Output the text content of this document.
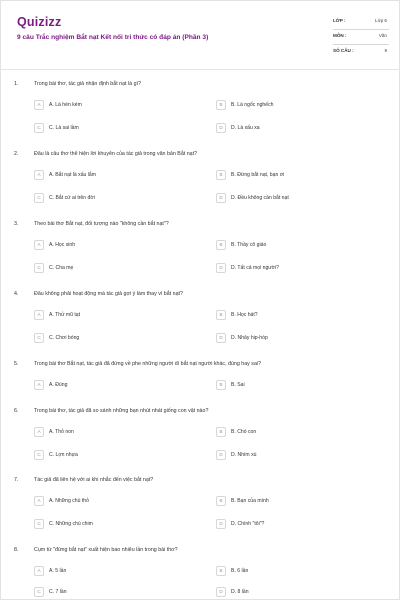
Quizizz
9 câu Trắc nghiệm Bắt nạt Kết nối tri thức có đáp án (Phần 3)
LỚP :	Lớp 6
MÔN :	Văn
SỐ CÂU :	9
1.	Trong bài thơ, tác giả nhận định bắt nạt là gì?
A	A. Là hèn kém	B	B. Là ngốc nghếch
C	C. Là sai lầm	D	D. Là xấu xa
2.	Đâu là câu thơ thể hiện lời khuyên của tác giả trong văn bản Bắt nạt?
A	A. Bắt nạt là xấu lắm	B	B. Đừng bắt nạt, bạn ơi
C	C. Bắt cứ ai trên đời	D	D. Đều không cần bắt nạt
3.	Theo bài thơ Bắt nạt, đối tượng nào "không cần bắt nạt"?
A	A. Học sinh	B	B. Thầy cô giáo
C	C. Cha mẹ	D	D. Tất cả mọi người?
4.	Đâu không phải hoạt động mà tác giả gợi ý làm thay vì bắt nạt?
A	A. Thử mũ tạt	B	B. Học hát?
C	C. Chơi bóng	D	D. Nhảy hip-hóp
5.	Trong bài thơ Bắt nạt, tác giả đã đứng về phe những người dì bắt nạt người khác, đúng hay sai?
A	A. Đúng	B	B. Sai
6.	Trong bài thơ, tác giả đã so sánh những bạn nhút nhát giống con vật nào?
A	A. Thỏ non	B	B. Chó con
C	C. Lợn nhựa	D	D. Nhím xù
7.	Tác giả đã liên hệ với ai khi nhắc đến việc bắt nạt?
A	A. Những chú thỏ	B	B. Bạn của mình
C	C. Những chú chim	D	D. Chính "tôi"?
8.	Cụm từ "đừng bắt nạt" xuất hiện bao nhiêu lần trong bài thơ?
A	A. 5 lần	B	B. 6 lần
C	C. 7 lần	D	D. 8 lần
